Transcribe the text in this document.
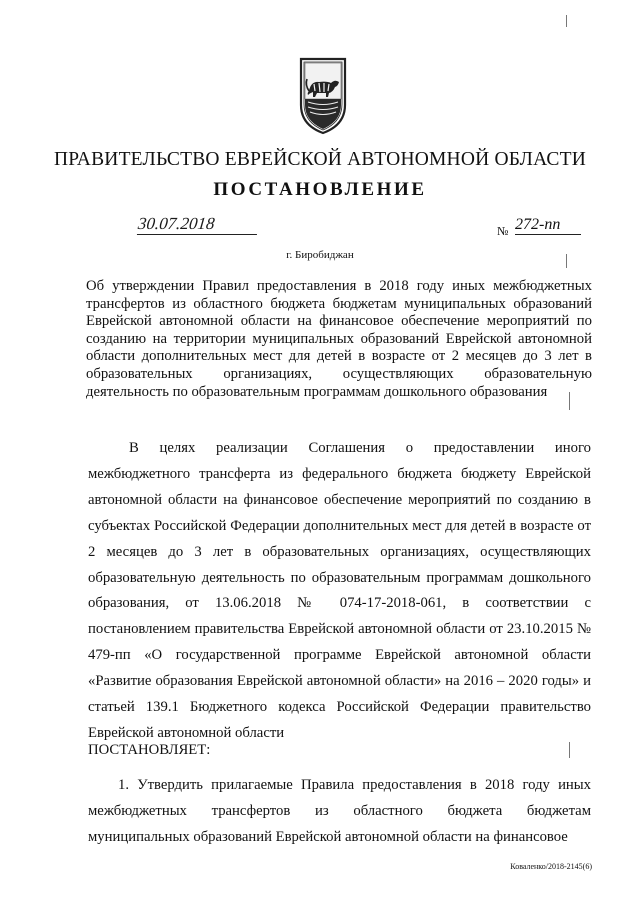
ПРАВИТЕЛЬСТВО ЕВРЕЙСКОЙ АВТОНОМНОЙ ОБЛАСТИ
ПОСТАНОВЛЕНИЕ
30.07.2018	№ 272-пп
г. Биробиджан
Об утверждении Правил предоставления в 2018 году иных межбюджетных трансфертов из областного бюджета бюджетам муниципальных образований Еврейской автономной области на финансовое обеспечение мероприятий по созданию на территории муниципальных образований Еврейской автономной области дополнительных мест для детей в возрасте от 2 месяцев до 3 лет в образовательных организациях, осуществляющих образовательную деятельность по образовательным программам дошкольного образования
В целях реализации Соглашения о предоставлении иного межбюджетного трансферта из федерального бюджета бюджету Еврейской автономной области на финансовое обеспечение мероприятий по созданию в субъектах Российской Федерации дополнительных мест для детей в возрасте от 2 месяцев до 3 лет в образовательных организациях, осуществляющих образовательную деятельность по образовательным программам дошкольного образования, от 13.06.2018 № 074-17-2018-061, в соответствии с постановлением правительства Еврейской автономной области от 23.10.2015 № 479-пп «О государственной программе Еврейской автономной области «Развитие образования Еврейской автономной области» на 2016 – 2020 годы» и статьей 139.1 Бюджетного кодекса Российской Федерации правительство Еврейской автономной области
ПОСТАНОВЛЯЕТ:
1. Утвердить прилагаемые Правила предоставления в 2018 году иных межбюджетных трансфертов из областного бюджета бюджетам муниципальных образований Еврейской автономной области на финансовое
Коваленко/2018-2145(6)
